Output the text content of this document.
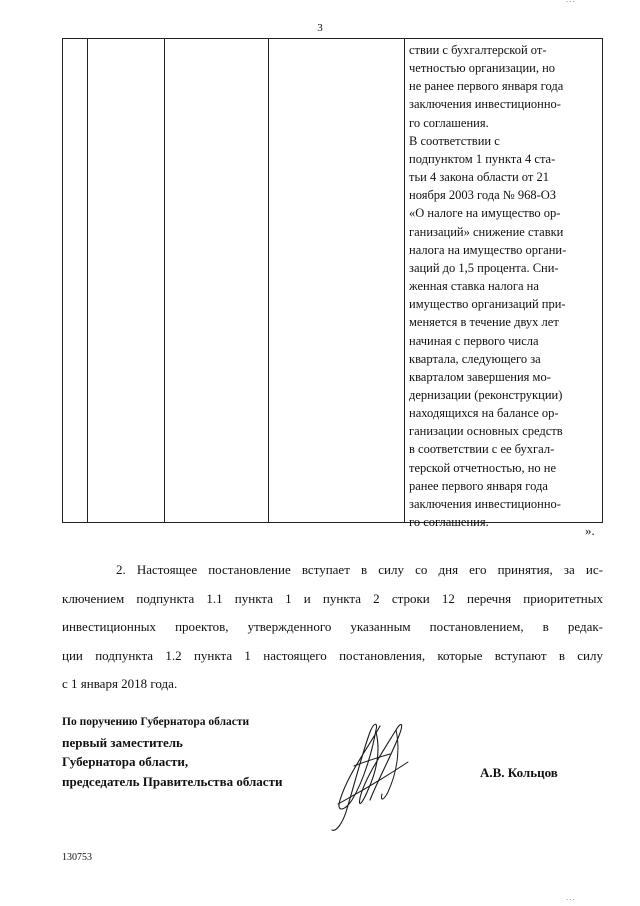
´´´
3
ствии с бухгалтерской от-
четностью организации, но
не ранее первого января года
заключения инвестиционно-
го соглашения.
В соответствии с
подпунктом 1 пункта 4 ста-
тьи 4 закона области от 21
ноября 2003 года № 968-ОЗ
«О налоге на имущество ор-
ганизаций» снижение ставки
налога на имущество органи-
заций до 1,5 процента. Сни-
женная ставка налога на
имущество организаций при-
меняется в течение двух лет
начиная с первого числа
квартала, следующего за
кварталом завершения мо-
дернизации (реконструкции)
находящихся на балансе ор-
ганизации основных средств
в соответствии с ее бухгал-
терской отчетностью, но не
ранее первого января года
заключения инвестиционно-
го соглашения.
».
2. Настоящее постановление вступает в силу со дня его принятия, за ис-
ключением подпункта 1.1 пункта 1 и пункта 2 строки 12 перечня приоритетных
инвестиционных проектов, утвержденного указанным постановлением, в редак-
ции подпункта 1.2 пункта 1 настоящего постановления, которые вступают в силу
с 1 января 2018 года.
По поручению Губернатора области
первый заместитель
Губернатора области,
председатель Правительства области
А.В. Кольцов
130753
´´´
